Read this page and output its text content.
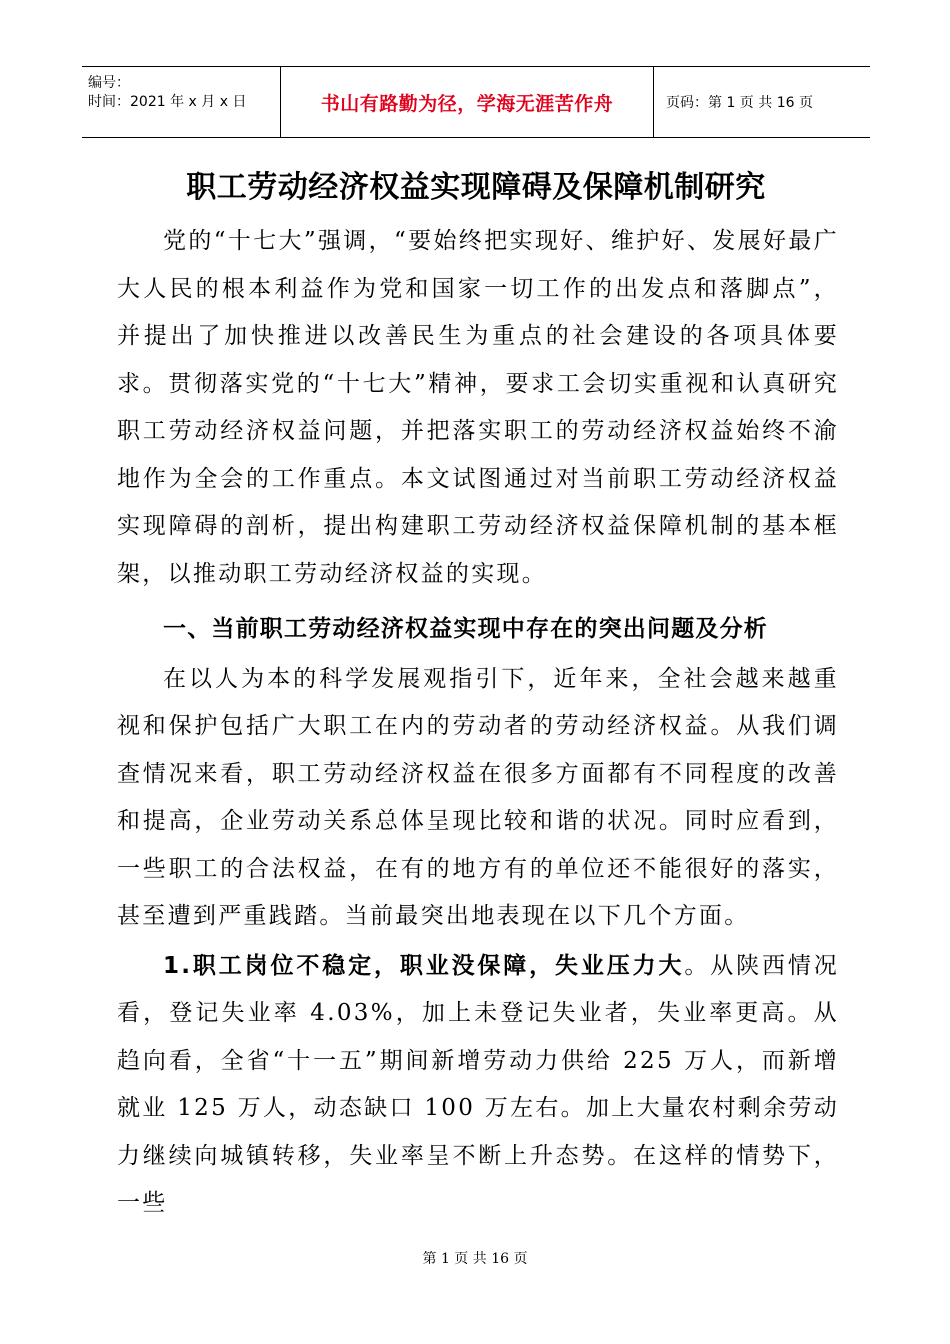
编号：
时间：2021 年 x 月 x 日	书山有路勤为径，学海无涯苦作舟	页码：第 1 页 共 16 页
职工劳动经济权益实现障碍及保障机制研究

党的“十七大”强调，“要始终把实现好、维护好、发展好最广大人民的根本利益作为党和国家一切工作的出发点和落脚点”，并提出了加快推进以改善民生为重点的社会建设的各项具体要求。贯彻落实党的“十七大”精神，要求工会切实重视和认真研究职工劳动经济权益问题，并把落实职工的劳动经济权益始终不渝地作为全会的工作重点。本文试图通过对当前职工劳动经济权益实现障碍的剖析，提出构建职工劳动经济权益保障机制的基本框架，以推动职工劳动经济权益的实现。

一、当前职工劳动经济权益实现中存在的突出问题及分析

在以人为本的科学发展观指引下，近年来，全社会越来越重视和保护包括广大职工在内的劳动者的劳动经济权益。从我们调查情况来看，职工劳动经济权益在很多方面都有不同程度的改善和提高，企业劳动关系总体呈现比较和谐的状况。同时应看到，一些职工的合法权益，在有的地方有的单位还不能很好的落实，甚至遭到严重践踏。当前最突出地表现在以下几个方面。

1.职工岗位不稳定，职业没保障，失业压力大。从陕西情况看，登记失业率 4.03%，加上未登记失业者，失业率更高。从趋向看，全省“十一五”期间新增劳动力供给 225 万人，而新增就业 125 万人，动态缺口 100 万左右。加上大量农村剩余劳动力继续向城镇转移，失业率呈不断上升态势。在这样的情势下，一些

第 1 页 共 16 页
